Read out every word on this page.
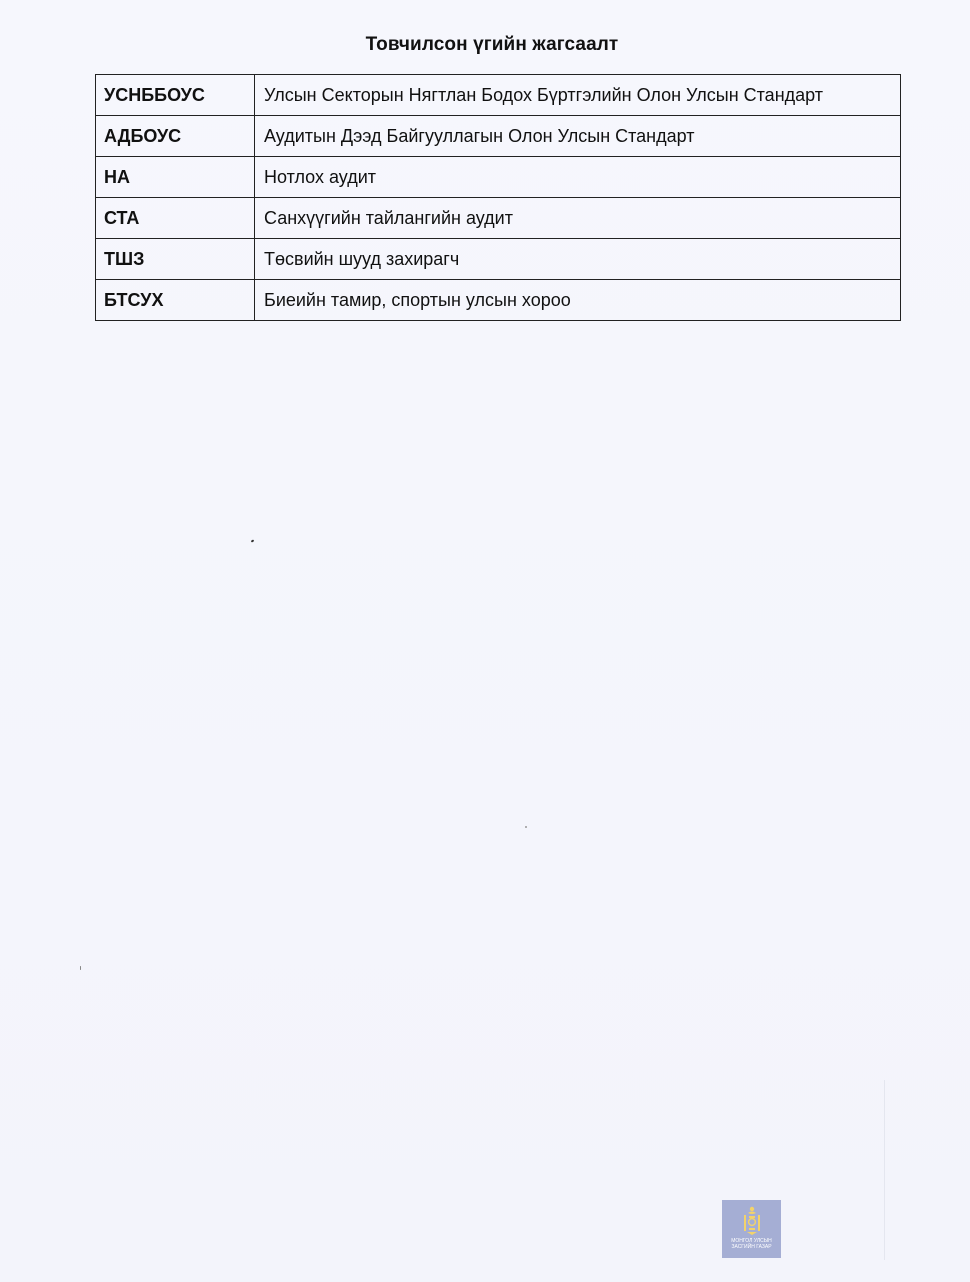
Товчилсон үгийн жагсаалт
УСНББОУС	Улсын Секторын Нягтлан Бодох Бүртгэлийн Олон Улсын Стандарт
АДБОУС	Аудитын Дээд Байгууллагын Олон Улсын Стандарт
НА	Нотлох аудит
СТА	Санхүүгийн тайлангийн аудит
ТШЗ	Төсвийн шууд захирагч
БТСУХ	Биеийн тамир, спортын улсын хороо
МОНГОЛ УЛСЫН
ЗАСГИЙН ГАЗАР
